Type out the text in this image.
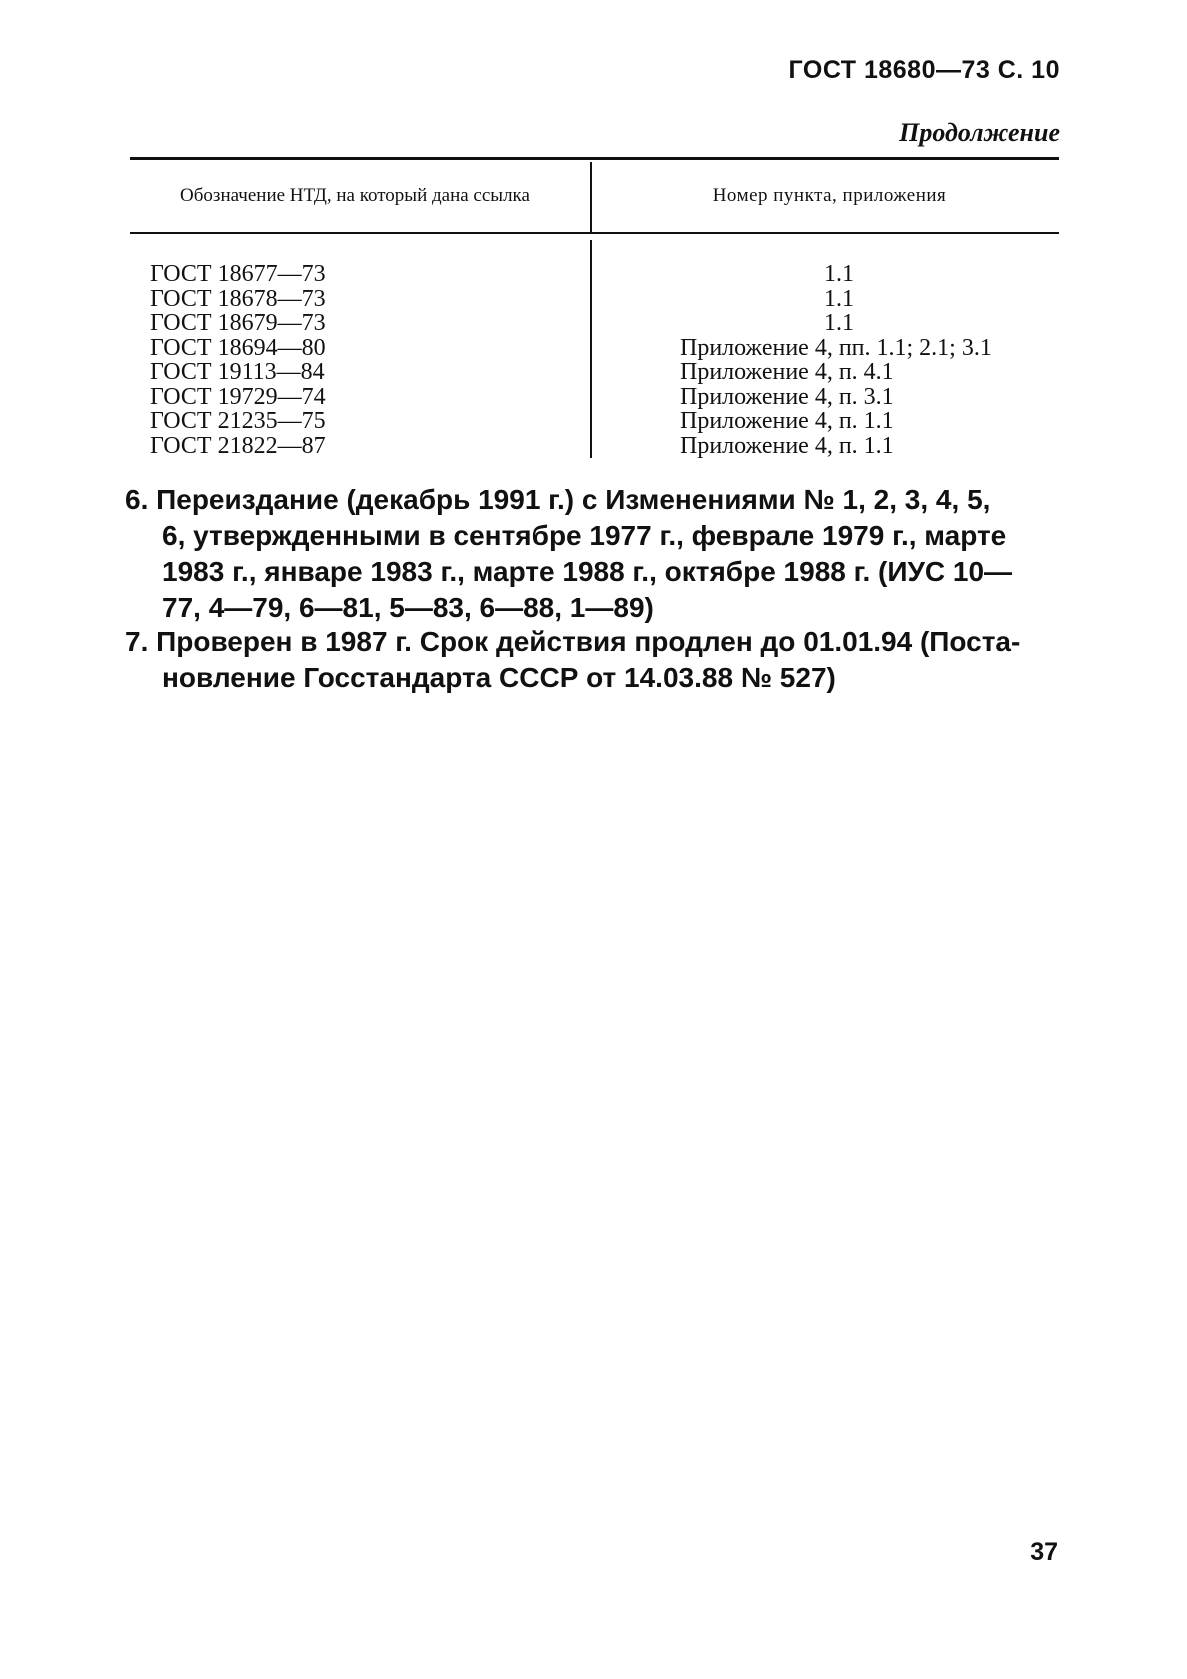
ГОСТ 18680—73 С. 10
Продолжение
Обозначение НТД, на который дана ссылка	Номер пункта, приложения
ГОСТ 18677—73
ГОСТ 18678—73
ГОСТ 18679—73
ГОСТ 18694—80
ГОСТ 19113—84
ГОСТ 19729—74
ГОСТ 21235—75
ГОСТ 21822—87
1.1
1.1
1.1
Приложение 4, пп. 1.1; 2.1; 3.1
Приложение 4, п. 4.1
Приложение 4, п. 3.1
Приложение 4, п. 1.1
Приложение 4, п. 1.1
6. Переиздание (декабрь 1991 г.) с Изменениями № 1, 2, 3, 4, 5,
6, утвержденными в сентябре 1977 г., феврале 1979 г., марте
1983 г., январе 1983 г., марте 1988 г., октябре 1988 г. (ИУС 10—
77, 4—79, 6—81, 5—83, 6—88, 1—89)
7. Проверен в 1987 г. Срок действия продлен до 01.01.94 (Поста-
новление Госстандарта СССР от 14.03.88 № 527)
37
